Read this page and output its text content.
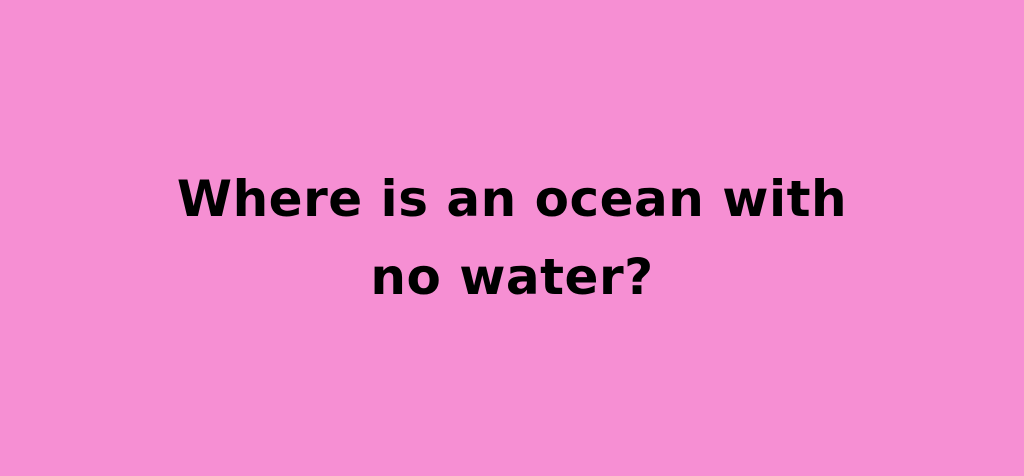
Where is an ocean with
no water?
